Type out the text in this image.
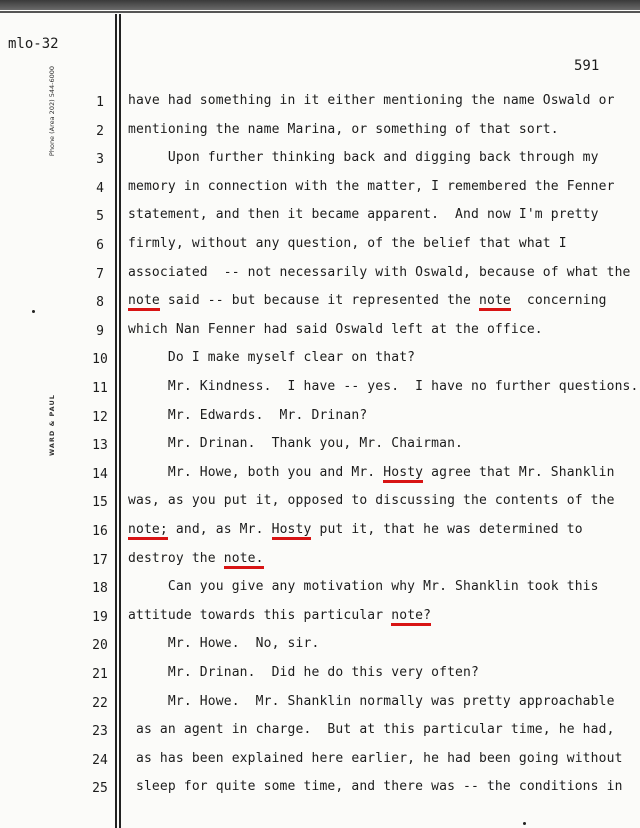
mlo-32
591
Phone (Area 202) 544-6000
WARD & PAUL
1	have had something in it either mentioning the name Oswald or
2	mentioning the name Marina, or something of that sort.
3	Upon further thinking back and digging back through my
4	memory in connection with the matter, I remembered the Fenner
5	statement, and then it became apparent.  And now I'm pretty
6	firmly, without any question, of the belief that what I
7	associated  -- not necessarily with Oswald, because of what the
8	note said -- but because it represented the note  concerning
9	which Nan Fenner had said Oswald left at the office.
10	Do I make myself clear on that?
11	Mr. Kindness.  I have -- yes.  I have no further questions.
12	Mr. Edwards.  Mr. Drinan?
13	Mr. Drinan.  Thank you, Mr. Chairman.
14	Mr. Howe, both you and Mr. Hosty agree that Mr. Shanklin
15	was, as you put it, opposed to discussing the contents of the
16	note; and, as Mr. Hosty put it, that he was determined to
17	destroy the note.
18	Can you give any motivation why Mr. Shanklin took this
19	attitude towards this particular note?
20	Mr. Howe.  No, sir.
21	Mr. Drinan.  Did he do this very often?
22	Mr. Howe.  Mr. Shanklin normally was pretty approachable
23	as an agent in charge.  But at this particular time, he had,
24	as has been explained here earlier, he had been going without
25	sleep for quite some time, and there was -- the conditions in
